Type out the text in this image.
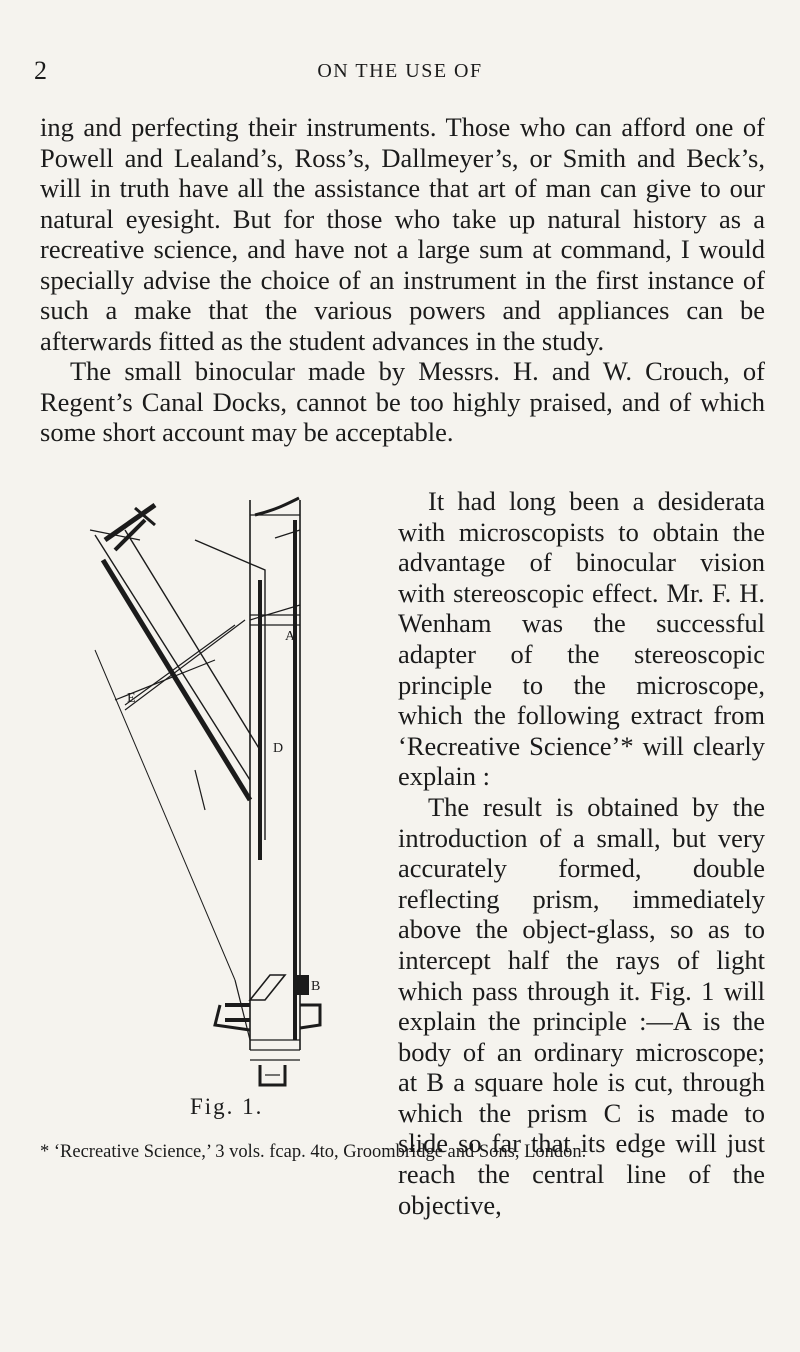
2	ON THE USE OF

ing and perfecting their instruments. Those who can afford one of Powell and Lealand’s, Ross’s, Dallmeyer’s, or Smith and Beck’s, will in truth have all the assistance that art of man can give to our natural eyesight. But for those who take up natural history as a recreative science, and have not a large sum at command, I would specially advise the choice of an instrument in the first instance of such a make that the various powers and appliances can be afterwards fitted as the student advances in the study.

The small binocular made by Messrs. H. and W. Crouch, of Regent’s Canal Docks, cannot be too highly praised, and of which some short account may be acceptable.

A
E
D
B
Fig. 1.

It had long been a desiderata with microscopists to obtain the advantage of binocular vision with stereoscopic effect. Mr. F. H. Wenham was the successful adapter of the stereoscopic principle to the microscope, which the following extract from ‘Recreative Science’* will clearly explain :

The result is obtained by the introduction of a small, but very accurately formed, double reflecting prism, immediately above the object-glass, so as to intercept half the rays of light which pass through it. Fig. 1 will explain the principle :—A is the body of an ordinary microscope; at B a square hole is cut, through which the prism C is made to slide so far that its edge will just reach the central line of the objective,

* ‘Recreative Science,’ 3 vols. fcap. 4to, Groombridge and Sons, London.
